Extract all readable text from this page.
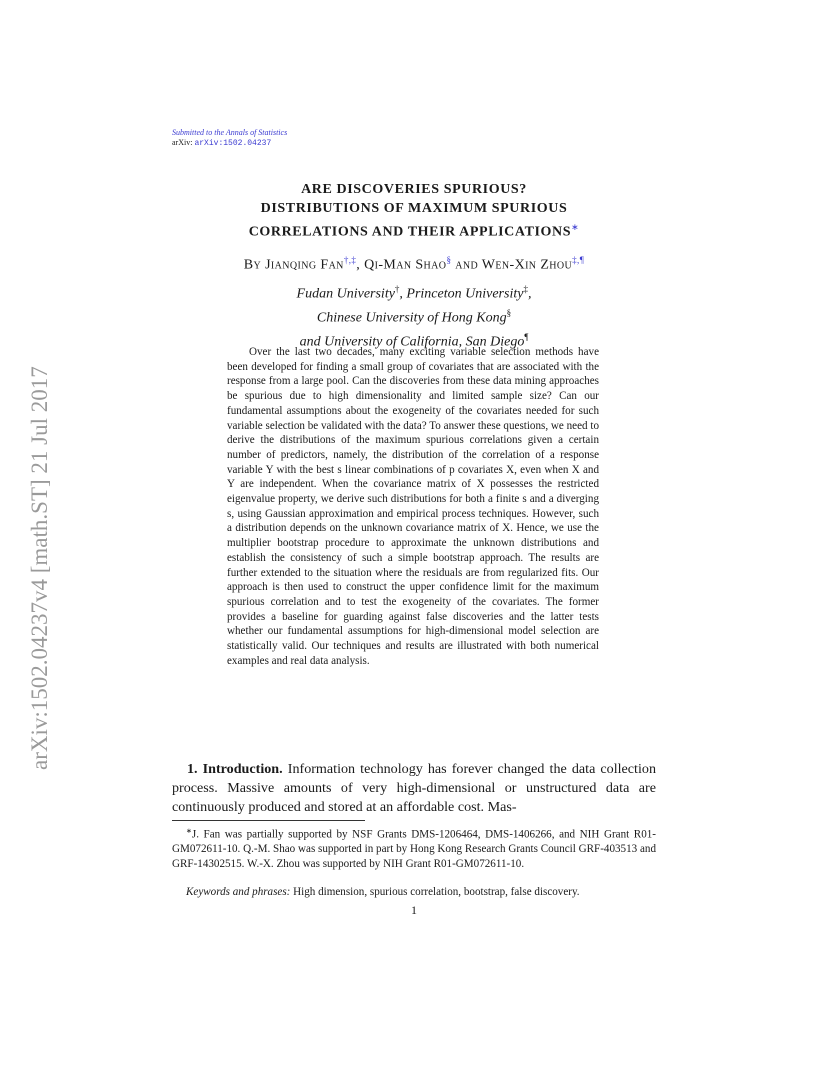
arXiv:1502.04237v4 [math.ST] 21 Jul 2017
Submitted to the Annals of Statistics
arXiv: arXiv:1502.04237
ARE DISCOVERIES SPURIOUS?
DISTRIBUTIONS OF MAXIMUM SPURIOUS
CORRELATIONS AND THEIR APPLICATIONS∗
By Jianqing Fan†,‡, Qi-Man Shao§ and Wen-Xin Zhou‡,¶
Fudan University†, Princeton University‡,
Chinese University of Hong Kong§
and University of California, San Diego¶
Over the last two decades, many exciting variable selection methods have been developed for finding a small group of covariates that are associated with the response from a large pool. Can the discoveries from these data mining approaches be spurious due to high dimensionality and limited sample size? Can our fundamental assumptions about the exogeneity of the covariates needed for such variable selection be validated with the data? To answer these questions, we need to derive the distributions of the maximum spurious correlations given a certain number of predictors, namely, the distribution of the correlation of a response variable Y with the best s linear combinations of p covariates X, even when X and Y are independent. When the covariance matrix of X possesses the restricted eigenvalue property, we derive such distributions for both a finite s and a diverging s, using Gaussian approximation and empirical process techniques. However, such a distribution depends on the unknown covariance matrix of X. Hence, we use the multiplier bootstrap procedure to approximate the unknown distributions and establish the consistency of such a simple bootstrap approach. The results are further extended to the situation where the residuals are from regularized fits. Our approach is then used to construct the upper confidence limit for the maximum spurious correlation and to test the exogeneity of the covariates. The former provides a baseline for guarding against false discoveries and the latter tests whether our fundamental assumptions for high-dimensional model selection are statistically valid. Our techniques and results are illustrated with both numerical examples and real data analysis.
1. Introduction. Information technology has forever changed the data collection process. Massive amounts of very high-dimensional or unstructured data are continuously produced and stored at an affordable cost. Mas-
∗J. Fan was partially supported by NSF Grants DMS-1206464, DMS-1406266, and NIH Grant R01-GM072611-10. Q.-M. Shao was supported in part by Hong Kong Research Grants Council GRF-403513 and GRF-14302515. W.-X. Zhou was supported by NIH Grant R01-GM072611-10.
Keywords and phrases: High dimension, spurious correlation, bootstrap, false discovery.
1
